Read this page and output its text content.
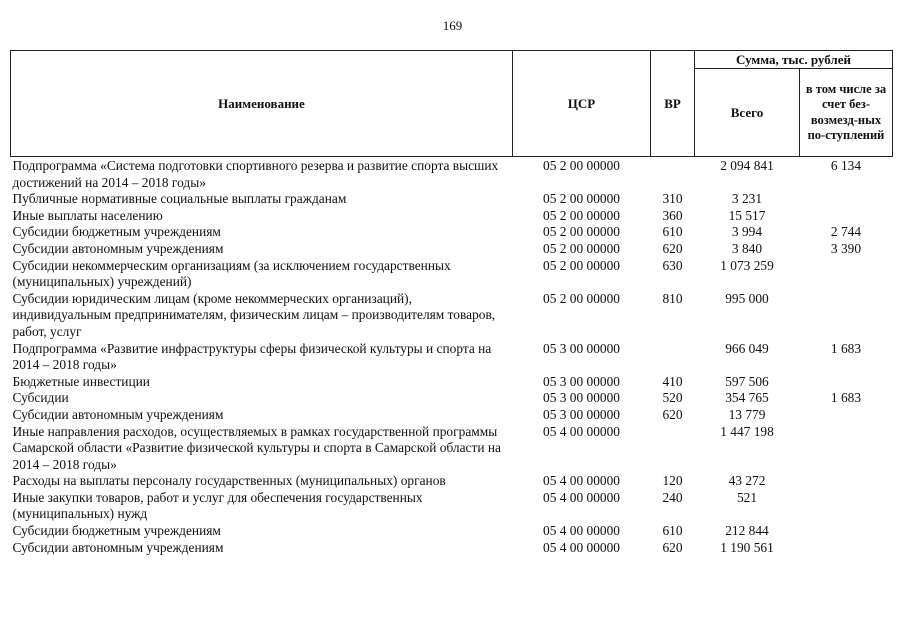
169
Наименование	ЦСР	ВР	Сумма, тыс. рублей	
			Всего	в том числе за счет без-возмезд-ных по-ступлений
Подпрограмма «Система подготовки спортивного резерва и развитие спорта высших достижений на 2014 – 2018 годы»	05 2 00 00000		2 094 841	6 134
Публичные нормативные социальные выплаты гражданам	05 2 00 00000	310	3 231	
Иные выплаты населению	05 2 00 00000	360	15 517	
Субсидии бюджетным учреждениям	05 2 00 00000	610	3 994	2 744
Субсидии автономным учреждениям	05 2 00 00000	620	3 840	3 390
Субсидии некоммерческим организациям (за исключением государственных (муниципальных) учреждений)	05 2 00 00000	630	1 073 259	
Субсидии юридическим лицам (кроме некоммерческих организаций), индивидуальным предпринимателям, физическим лицам – производителям товаров, работ, услуг	05 2 00 00000	810	995 000	
Подпрограмма «Развитие инфраструктуры сферы физической культуры и спорта на 2014 – 2018 годы»	05 3 00 00000		966 049	1 683
Бюджетные инвестиции	05 3 00 00000	410	597 506	
Субсидии	05 3 00 00000	520	354 765	1 683
Субсидии автономным учреждениям	05 3 00 00000	620	13 779	
Иные направления расходов, осуществляемых в рамках государственной программы Самарской области «Развитие физической культуры и спорта в Самарской области на 2014 – 2018 годы»	05 4 00 00000		1 447 198	
Расходы на выплаты персоналу государственных (муниципальных) органов	05 4 00 00000	120	43 272	
Иные закупки товаров, работ и услуг для обеспечения государственных (муниципальных) нужд	05 4 00 00000	240	521	
Субсидии бюджетным учреждениям	05 4 00 00000	610	212 844	
Субсидии автономным учреждениям	05 4 00 00000	620	1 190 561	
